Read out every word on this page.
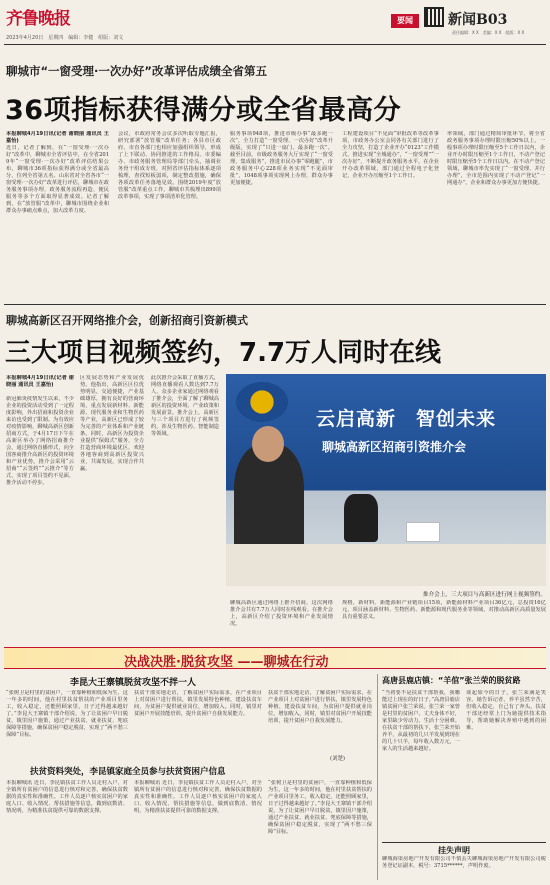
齐鲁晚报
2023年4月20日　星期四　编辑：李健　组版：刘文
要闻	新闻B03
责任编辑：X X　美编：X X　组版：X X
聊城市“一窗受理·一次办好”改革评估成绩全省第五
36项指标获得满分或全省最高分
本报聊城4月19日讯(记者 谢晓丽 通讯员 王嘉怡)
近日，记者了解到，在“一窗受理·一次办好”改革中，聊城市全省评估中，在全省2019年“一窗受理·一次办好”改革评估结果公布，聊城市36项指标获得满分或全省最高分，位列全省第五名。山东省对全省各市“一窗受理·一次办好”改革进行评估，聊城市在政务服务事项办理、政务服务流程再造、便民服务等多个方面取得显著成效。记者了解到，在“放管服”改革中，聊城市围绕企业和群众办事痛点难点，加大改革力度。
会议，市政府常务会议多次听取专题汇报，研究部署“放管服”改革任务；各县市区政府、市直各部门也相应加强组织领导，形成了上下联动、协同推进的工作格局。市委编办、市政务服务管理局等部门牵头，抽调业务骨干组成专班，对照省评估指标体系逐项梳理，查找短板弱项，制定整改措施，确保各项改革任务落地见效。围绕2019年度“放管服”改革重点工作，聊城市共梳理出899项改革事项，实现了事项清单化管理。
服务事项948项，推进市级办事“最多跑一次”，全力打造“一窗受理、一次办好”改革升级版，实现了“只进一扇门、最多跑一次”。截至目前，市级政务服务大厅实现了“一窗受理、集成服务”，推进市民办事“零跑腿”，市政务服务中心228项业务实现“不见面审批”，1048项事项实现网上办理，群众办事更加便捷。
工程建设项目“不见面”审批改革等改革事项，市政务办公室会同各有关部门进行了全力攻坚，打造了企业开办“0123”工作模式，推进实现“全城通办”，“一窗受理”“一次办好”，不断提升政务服务水平。在企业开办改革领域，部门通过全程电子化登记，企业开办压缩至1个工作日。
率领域，部门通过精简审批环节，将全省政务服务事项办理时限压缩50%以上，一般事项办理时限压缩至5个工作日以内，企业开办时限压缩至1个工作日，不动产登记时限压缩至5个工作日以内。在不动产登记领域，聊城市率先实现了“一窗受理、并行办理”，全市范围内实现了不动产登记“一网通办”，企业和群众办事更加方便快捷。
聊城高新区召开网络推介会，创新招商引资新模式
三大项目视频签约，7.7万人同时在线
本报聊城4月19日讯(记者 谢晓丽 通讯员 王嘉怡)
新冠肺炎疫情发生以来，不少企业的投资活动受到了一定程度影响，外出招商和投资企业来访也受到了限制。为有效应对疫情影响，聊城高新区创新招商方式，于4月17日下午在高新区举办了网络招商推介会，通过网络直播形式，向全国客商推介高新区的投资环境和产业优势。推介会采用“云招商”“云签约”“云推介”等方式，实现了项目签约不见面、推介活动不停步。
区发展态势和产业发展优势。他指出，高新区区位优势明显，交通便捷，产业基础雄厚，拥有良好的营商环境，重点发展新材料、新能源、现代服务业和生物医药等产业，高新区已形成了较为完善的产业体系和产业链条。同时，高新区为投资企业提供“保姆式”服务，全力打造营商环境最优区，欢迎各地客商到高新区投资兴业，共谋发展，实现合作共赢。
此次推介会采取了直播方式，网络直播观看人数达到7.7万人，众多企业家通过网络观看了推介会，全面了解了聊城高新区的投资环境、产业政策和发展前景。推介会上，高新区与三个项目方进行了视频签约，涉及生物医药、智能制造等领域。
云启高新　智创未来
聊城高新区招商引资推介会
推介会上，三大项目与高新区进行网上视频签约。
聊城高新区通过网络上推介招商，这次网络推介会共有7.7万人同时在线观看。在推介会上，高新区介绍了投资环境和产业发展情况。
规格，新材料、新能源和产业链项目15项，新能源材料产业项目36亿元，总投资16亿元，项目涵盖新材料、生物医药、新能源和现代服务业等领域，对推动高新区高质量发展具有重要意义。
决战决胜·脱贫攻坚 ——聊城在行动
李昆大王寨镇脱贫攻坚不拌一人
“张树卫是村里的贫困户，一直靠种植和低保为生，这一年多的时间，他在村里扶贫帮扶的产业项目里务工，收入稳定，还能照顾家里，日子过得越来越好了。”李昆大王寨镇干部介绍说，为了让贫困户早日脱贫，镇里因户施策，通过产业扶贫、就业扶贫、兜底保障等措施，确保贫困户稳定脱贫，实现了“两不愁三保障”目标。
扶贫干部实地走访，了解贫困户实际需求，在产业项目上对贫困户进行帮扶，镇里发展特色种植，建设扶贫车间，为贫困户提供就业岗位，增加收入。同时，镇里对贫困户开展技能培训，提升贫困户自我发展能力。
扶贫干部实地走访，了解贫困户实际需求，在产业项目上对贫困户进行帮扶，镇里发展特色种植，建设扶贫车间，为贫困户提供就业岗位，增加收入。同时，镇里对贫困户开展技能培训，提升贫困户自我发展能力。
(刘楚)
扶贫资料突处，李昆镇家庭全员参与扶贫资困户信息
本报聊城讯 近日，李昆镇扶贫工作人员走村入户，对全镇所有贫困户的信息进行核对和完善，确保扶贫数据的真实性和准确性。工作人员逐户核实贫困户的家庭人口、收入情况、帮扶措施等信息，做到底数清、情况明，为精准扶贫提供可靠的数据支撑。
本报聊城讯 近日，李昆镇扶贫工作人员走村入户，对全镇所有贫困户的信息进行核对和完善，确保扶贫数据的真实性和准确性。工作人员逐户核实贫困户的家庭人口、收入情况、帮扶措施等信息，做到底数清、情况明，为精准扶贫提供可靠的数据支撑。
“张树卫是村里的贫困户，一直靠种植和低保为生，这一年多的时间，他在村里扶贫帮扶的产业项目里务工，收入稳定，还能照顾家里，日子过得越来越好了。”李昆大王寨镇干部介绍说，为了让贫困户早日脱贫，镇里因户施策，通过产业扶贫、就业扶贫、兜底保障等措施，确保贫困户稳定脱贫，实现了“两不愁三保障”目标。
高唐县鹿店镇：“羊倌”张兰荣的脱贫路
“当初要不是扶贫干部帮我，我哪能过上现在的好日子。”高唐县鹿店镇贫困户张兰荣说。张兰荣一家曾是村里的贫困户，丈夫身体不好，家里缺少劳动力，生活十分困难。在扶贫干部的帮扶下，张兰荣开始养羊，从最初的几只羊发展到现在的几十只羊，每年收入数万元，一家人的生活越来越好。
谈起如今的日子，张兰荣满是笑容。她告诉记者，养羊虽然辛苦，但收入稳定，自己有了奔头。扶贫干部还经常上门为她提供技术指导，帮助她解决养殖中遇到的困难。
挂失声明
聊城海渠房地产开发有限公司不慎丢失聊城海渠房地产开发有限公司税务登记证副本，税号：3715******，声明作废。
